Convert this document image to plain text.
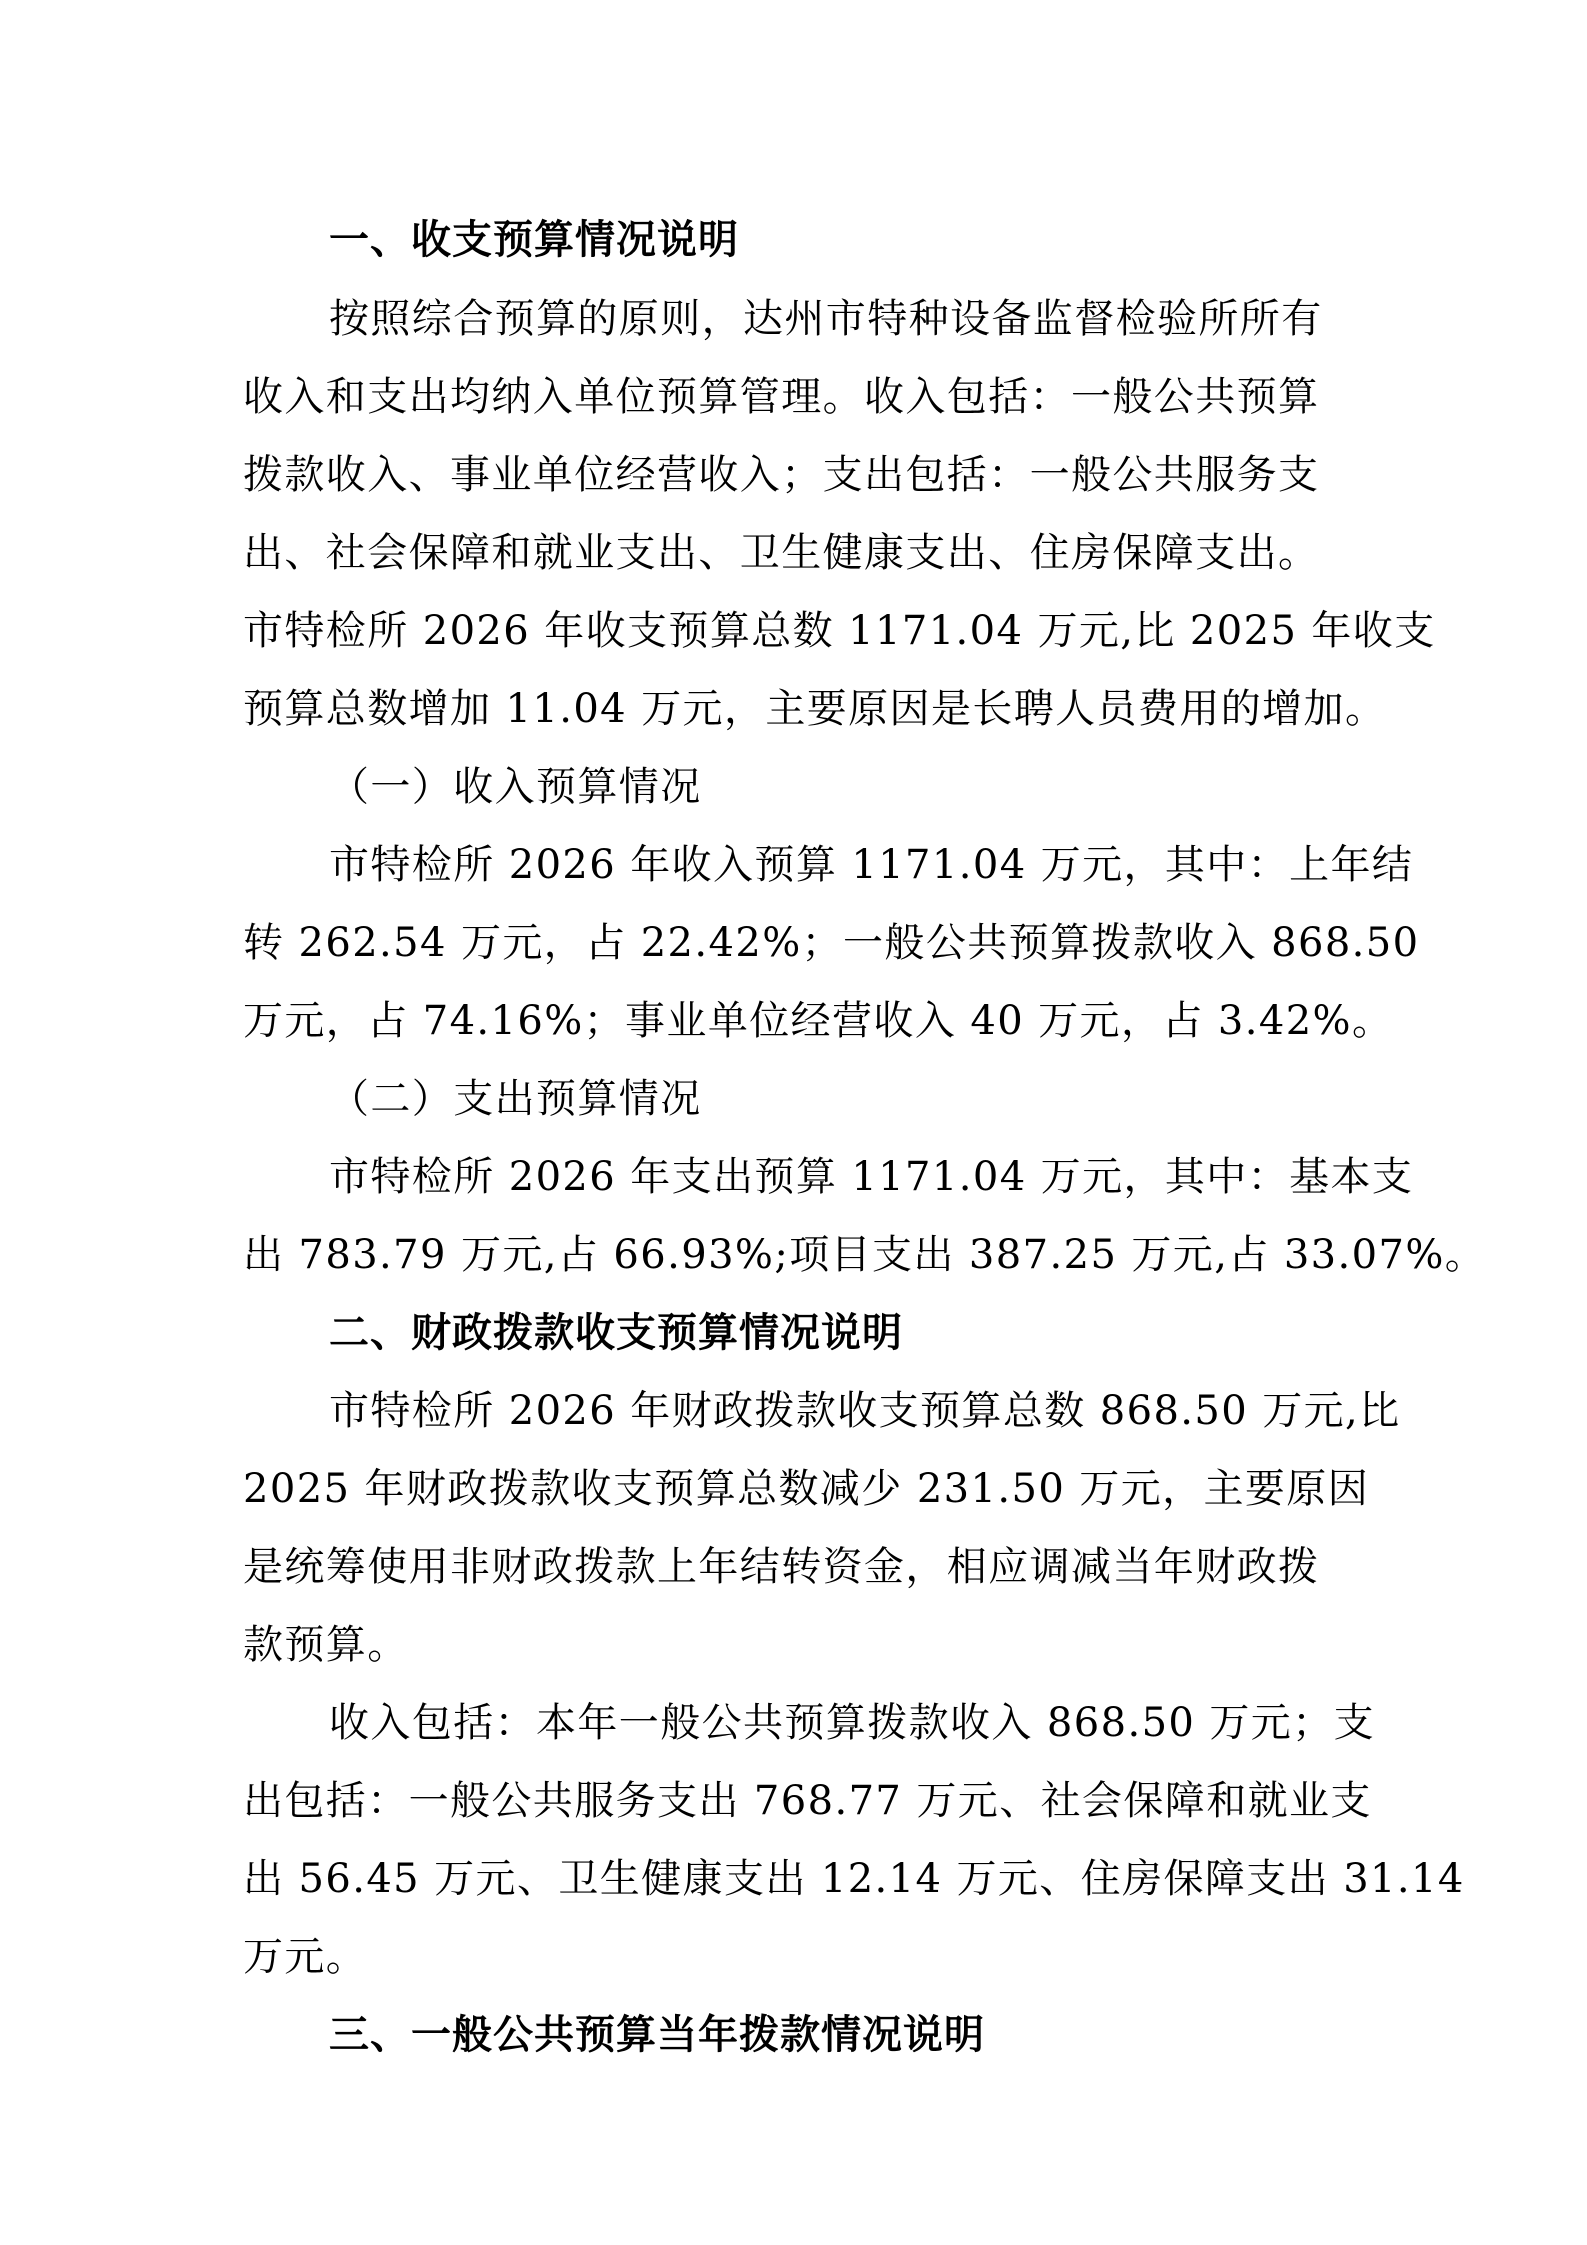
一、收支预算情况说明
按照综合预算的原则，达州市特种设备监督检验所所有
收入和支出均纳入单位预算管理。收入包括：一般公共预算
拨款收入、事业单位经营收入；支出包括：一般公共服务支
出、社会保障和就业支出、卫生健康支出、住房保障支出。
市特检所 2026 年收支预算总数 1171.04 万元,比 2025 年收支
预算总数增加 11.04 万元，主要原因是长聘人员费用的增加。
（一）收入预算情况
市特检所 2026 年收入预算 1171.04 万元，其中：上年结
转 262.54 万元，占 22.42%；一般公共预算拨款收入 868.50
万元，占 74.16%；事业单位经营收入 40 万元，占 3.42%。
（二）支出预算情况
市特检所 2026 年支出预算 1171.04 万元，其中：基本支
出 783.79 万元,占 66.93%;项目支出 387.25 万元,占 33.07%。
二、财政拨款收支预算情况说明
市特检所 2026 年财政拨款收支预算总数 868.50 万元,比
2025 年财政拨款收支预算总数减少 231.50 万元，主要原因
是统筹使用非财政拨款上年结转资金，相应调减当年财政拨
款预算。
收入包括：本年一般公共预算拨款收入 868.50 万元；支
出包括：一般公共服务支出 768.77 万元、社会保障和就业支
出 56.45 万元、卫生健康支出 12.14 万元、住房保障支出 31.14
万元。
三、一般公共预算当年拨款情况说明
